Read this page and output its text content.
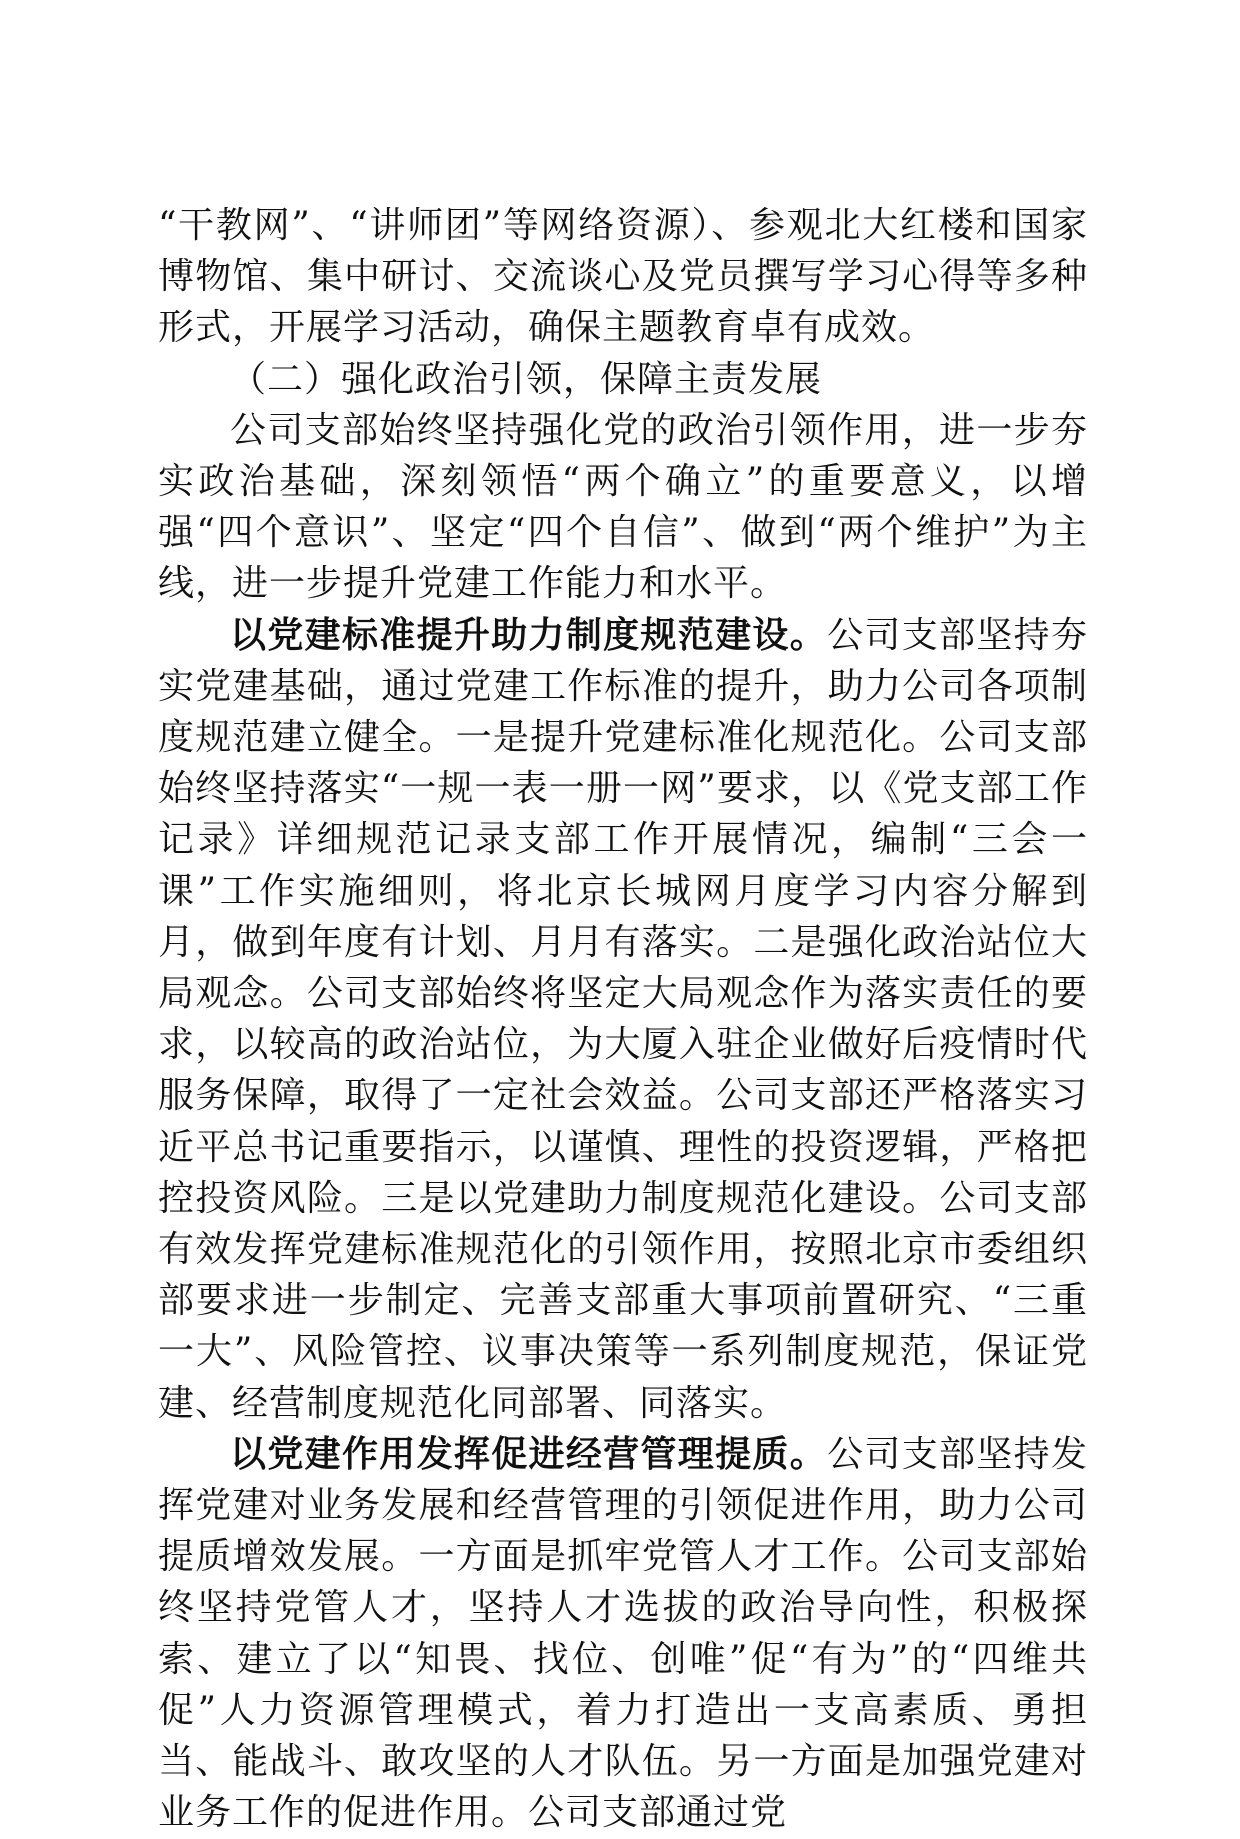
“干教网”、“讲师团”等网络资源）、参观北大红楼和国家博物馆、集中研讨、交流谈心及党员撰写学习心得等多种形式，开展学习活动，确保主题教育卓有成效。

（二）强化政治引领，保障主责发展

公司支部始终坚持强化党的政治引领作用，进一步夯实政治基础，深刻领悟“两个确立”的重要意义，以增强“四个意识”、坚定“四个自信”、做到“两个维护”为主线，进一步提升党建工作能力和水平。

以党建标准提升助力制度规范建设。公司支部坚持夯实党建基础，通过党建工作标准的提升，助力公司各项制度规范建立健全。一是提升党建标准化规范化。公司支部始终坚持落实“一规一表一册一网”要求，以《党支部工作记录》详细规范记录支部工作开展情况，编制“三会一课”工作实施细则，将北京长城网月度学习内容分解到月，做到年度有计划、月月有落实。二是强化政治站位大局观念。公司支部始终将坚定大局观念作为落实责任的要求，以较高的政治站位，为大厦入驻企业做好后疫情时代服务保障，取得了一定社会效益。公司支部还严格落实习近平总书记重要指示，以谨慎、理性的投资逻辑，严格把控投资风险。三是以党建助力制度规范化建设。公司支部有效发挥党建标准规范化的引领作用，按照北京市委组织部要求进一步制定、完善支部重大事项前置研究、“三重一大”、风险管控、议事决策等一系列制度规范，保证党建、经营制度规范化同部署、同落实。

以党建作用发挥促进经营管理提质。公司支部坚持发挥党建对业务发展和经营管理的引领促进作用，助力公司提质增效发展。一方面是抓牢党管人才工作。公司支部始终坚持党管人才，坚持人才选拔的政治导向性，积极探索、建立了以“知畏、找位、创唯”促“有为”的“四维共促”人力资源管理模式，着力打造出一支高素质、勇担当、能战斗、敢攻坚的人才队伍。另一方面是加强党建对业务工作的促进作用。公司支部通过党
